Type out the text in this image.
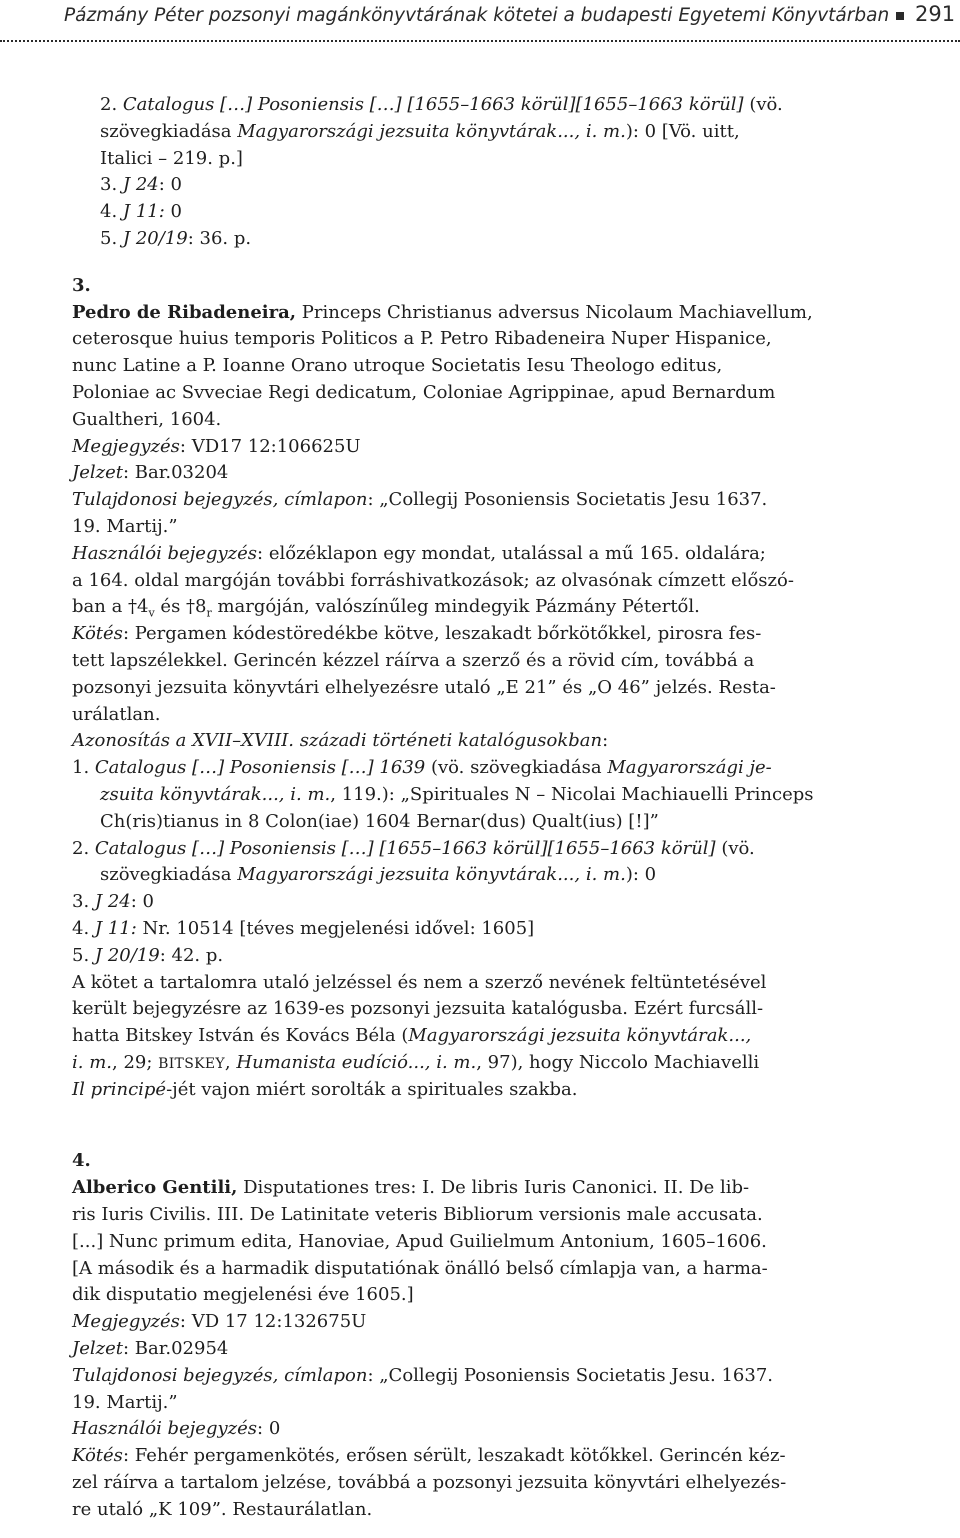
Pázmány Péter pozsonyi magánkönyvtárának kötetei a budapesti Egyetemi Könyvtárban 291
2. Catalogus […] Posoniensis […] [1655–1663 körül][1655–1663 körül] (vö.
szövegkiadása Magyarországi jezsuita könyvtárak..., i. m.): 0 [Vö. uitt,
Italici – 219. p.]
3. J 24: 0
4. J 11: 0
5. J 20/19: 36. p.
3.
Pedro de Ribadeneira, Princeps Christianus adversus Nicolaum Machiavellum,
ceterosque huius temporis Politicos a P. Petro Ribadeneira Nuper Hispanice,
nunc Latine a P. Ioanne Orano utroque Societatis Iesu Theologo editus,
Poloniae ac Svveciae Regi dedicatum, Coloniae Agrippinae, apud Bernardum
Gualtheri, 1604.
Megjegyzés: VD17 12:106625U
Jelzet: Bar.03204
Tulajdonosi bejegyzés, címlapon: „Collegij Posoniensis Societatis Jesu 1637.
19. Martij.”
Használói bejegyzés: előzéklapon egy mondat, utalással a mű 165. oldalára;
a 164. oldal margóján további forráshivatkozások; az olvasónak címzett előszó-
ban a $\dagger 4_v$ és $\dagger 8_r$ margóján, valószínűleg mindegyik Pázmány Pétertől.
Kötés: Pergamen kódestöredékbe kötve, leszakadt bőrkötőkkel, pirosra fes-
tett lapszélekkel. Gerincén kézzel ráírva a szerző és a rövid cím, továbbá a
pozsonyi jezsuita könyvtári elhelyezésre utaló „E 21” és „O 46” jelzés. Resta-
urálatlan.
Azonosítás a XVII–XVIII. századi történeti katalógusokban:
1. Catalogus […] Posoniensis […] 1639 (vö. szövegkiadása Magyarországi je-
zsuita könyvtárak..., i. m., 119.): „Spirituales N – Nicolai Machiauelli Princeps
Ch(ris)tianus in 8 Colon(iae) 1604 Bernar(dus) Qualt(ius) [!]”
2. Catalogus […] Posoniensis […] [1655–1663 körül][1655–1663 körül] (vö.
szövegkiadása Magyarországi jezsuita könyvtárak..., i. m.): 0
3. J 24: 0
4. J 11: Nr. 10514 [téves megjelenési idővel: 1605]
5. J 20/19: 42. p.
A kötet a tartalomra utaló jelzéssel és nem a szerző nevének feltüntetésével
került bejegyzésre az 1639-es pozsonyi jezsuita katalógusba. Ezért furcsáll-
hatta Bitskey István és Kovács Béla (Magyarországi jezsuita könyvtárak...,
i. m., 29; BITSKEY, Humanista eudíció..., i. m., 97), hogy Niccolo Machiavelli
Il principé-jét vajon miért sorolták a spirituales szakba.
4.
Alberico Gentili, Disputationes tres: I. De libris Iuris Canonici. II. De lib-
ris Iuris Civilis. III. De Latinitate veteris Bibliorum versionis male accusata.
[...] Nunc primum edita, Hanoviae, Apud Guilielmum Antonium, 1605–1606.
[A második és a harmadik disputatiónak önálló belső címlapja van, a harma-
dik disputatio megjelenési éve 1605.]
Megjegyzés: VD 17 12:132675U
Jelzet: Bar.02954
Tulajdonosi bejegyzés, címlapon: „Collegij Posoniensis Societatis Jesu. 1637.
19. Martij.”
Használói bejegyzés: 0
Kötés: Fehér pergamenkötés, erősen sérült, leszakadt kötőkkel. Gerincén kéz-
zel ráírva a tartalom jelzése, továbbá a pozsonyi jezsuita könyvtári elhelyezés-
re utaló „K 109”. Restaurálatlan.
